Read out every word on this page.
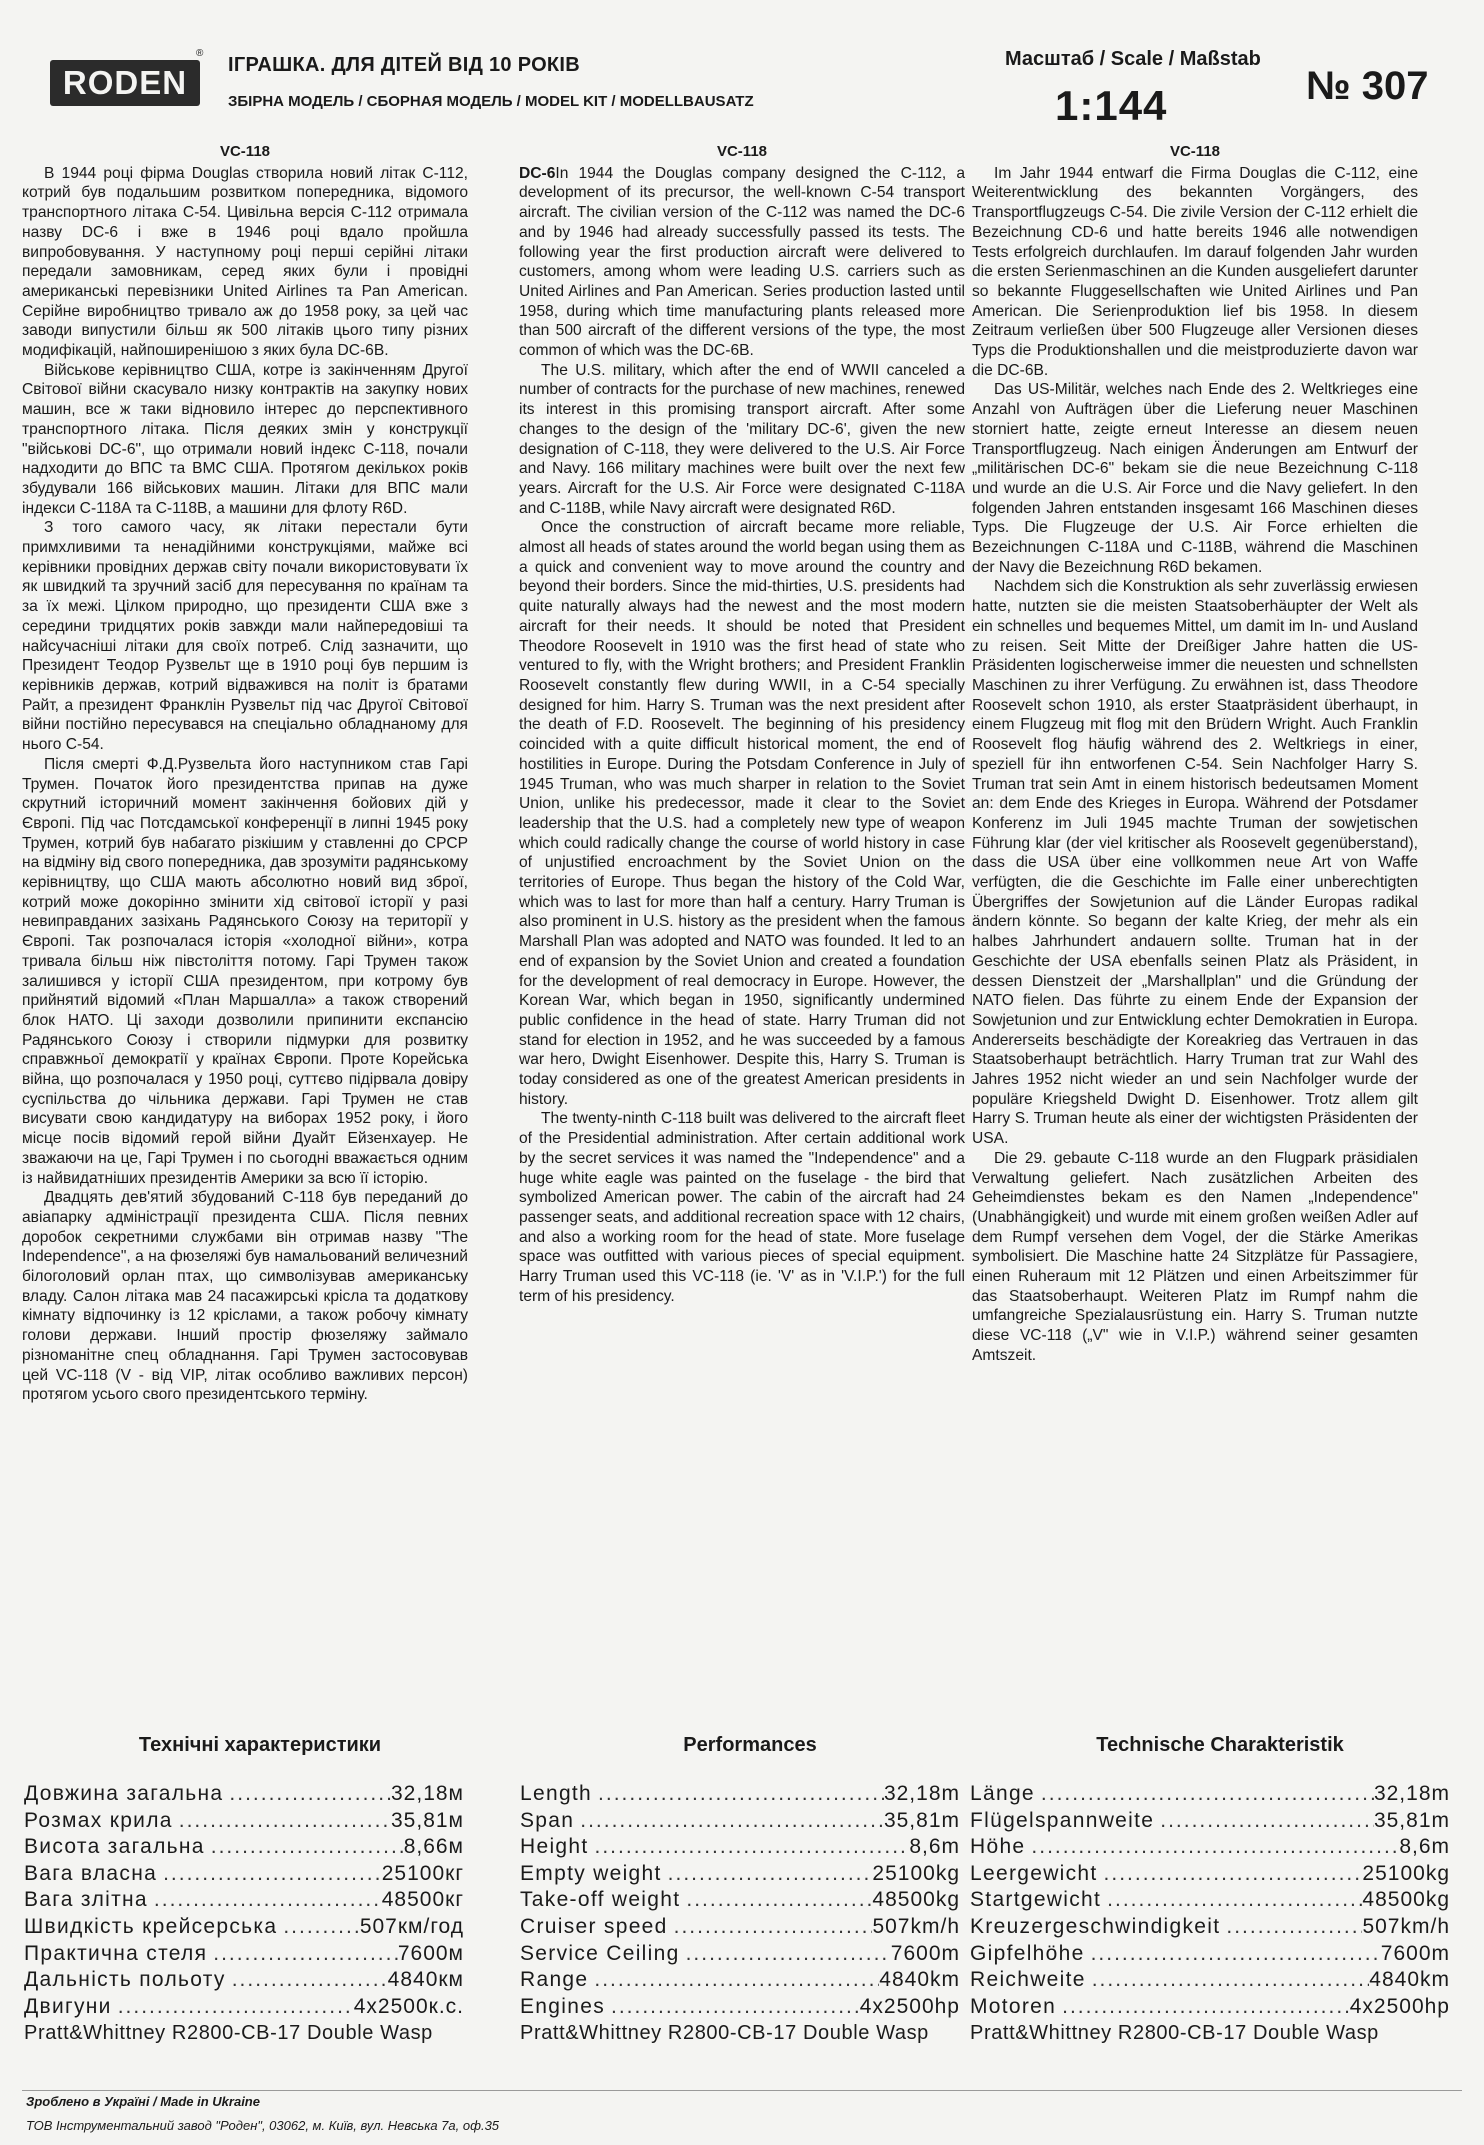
RODEN
®
ІГРАШКА. ДЛЯ ДІТЕЙ ВІД 10 РОКІВ
ЗБІРНА МОДЕЛЬ / СБОРНАЯ МОДЕЛЬ / MODEL KIT / MODELLBAUSATZ
Масштаб / Scale / Maßstab
1:144	№ 307
VC-118

В 1944 році фірма Douglas створила новий літак С-112, котрий був подальшим розвитком попередника, відомого транспортного літака С-54. Цивільна версія С-112 отримала назву DC-6 і вже в 1946 році вдало пройшла випробовування. У наступному році перші серійні літаки передали замовникам, серед яких були і провідні американські перевізники United Airlines та Pan American. Серійне виробництво тривало аж до 1958 року, за цей час заводи випустили більш як 500 літаків цього типу різних модифікацій, найпоширенішою з яких була DC-6B.

Військове керівництво США, котре із закінченням Другої Світової війни скасувало низку контрактів на закупку нових машин, все ж таки відновило інтерес до перспективного транспортного літака. Після деяких змін у конструкції "військові DC-6", що отримали новий індекс С-118, почали надходити до ВПС та ВМС США. Протягом декількох років збудували 166 військових машин. Літаки для ВПС мали індекси С-118А та С-118В, а машини для флоту R6D.

З того самого часу, як літаки перестали бути примхливими та ненадійними конструкціями, майже всі керівники провідних держав світу почали використовувати їх як швидкий та зручний засіб для пересування по країнам та за їх межі. Цілком природно, що президенти США вже з середини тридцятих років завжди мали найпередовіші та найсучасніші літаки для своїх потреб. Слід зазначити, що Президент Теодор Рузвельт ще в 1910 році був першим із керівників держав, котрий відважився на політ із братами Райт, а президент Франклін Рузвельт під час Другої Світової війни постійно пересувався на спеціально обладнаному для нього С-54.

Після смерті Ф.Д.Рузвельта його наступником став Гарі Трумен. Початок його президентства припав на дуже скрутний історичний момент закінчення бойових дій у Європі. Під час Потсдамської конференції в липні 1945 року Трумен, котрий був набагато різкішим у ставленні до СРСР на відміну від свого попередника, дав зрозуміти радянському керівництву, що США мають абсолютно новий вид зброї, котрий може докорінно змінити хід світової історії у разі невиправданих зазіхань Радянського Союзу на території у Європі. Так розпочалася історія «холодної війни», котра тривала більш ніж півстоліття потому. Гарі Трумен також залишився у історії США президентом, при котрому був прийнятий відомий «План Маршалла» а також створений блок НАТО. Ці заходи дозволили припинити експансію Радянського Союзу і створили підмурки для розвитку справжньої демократії у країнах Європи. Проте Корейська війна, що розпочалася у 1950 році, суттєво підірвала довіру суспільства до чільника держави. Гарі Трумен не став висувати свою кандидатуру на виборах 1952 року, і його місце посів відомий герой війни Дуайт Ейзенхауер. Не зважаючи на це, Гарі Трумен і по сьогодні вважається одним із найвидатніших президентів Америки за всю її історію.

Двадцять дев'ятий збудований С-118 був переданий до авіапарку адміністрації президента США. Після певних доробок секретними службами він отримав назву "The Independence", а на фюзеляжі був намальований величезний білоголовий орлан птах, що символізував американську владу. Салон літака мав 24 пасажирські крісла та додаткову кімнату відпочинку із 12 кріслами, а також робочу кімнату голови держави. Інший простір фюзеляжу займало різноманітне спец обладнання. Гарі Трумен застосовував цей VC-118 (V - від VIP, літак особливо важливих персон) протягом усього свого президентського терміну.

VC-118

DC-6In 1944 the Douglas company designed the C-112, a development of its precursor, the well-known C-54 transport aircraft. The civilian version of the C-112 was named the DC-6 and by 1946 had already successfully passed its tests. The following year the first production aircraft were delivered to customers, among whom were leading U.S. carriers such as United Airlines and Pan American. Series production lasted until 1958, during which time manufacturing plants released more than 500 aircraft of the different versions of the type, the most common of which was the DC-6B.

The U.S. military, which after the end of WWII canceled a number of contracts for the purchase of new machines, renewed its interest in this promising transport aircraft. After some changes to the design of the 'military DC-6', given the new designation of C-118, they were delivered to the U.S. Air Force and Navy. 166 military machines were built over the next few years. Aircraft for the U.S. Air Force were designated C-118A and C-118B, while Navy aircraft were designated R6D.

Once the construction of aircraft became more reliable, almost all heads of states around the world began using them as a quick and convenient way to move around the country and beyond their borders. Since the mid-thirties, U.S. presidents had quite naturally always had the newest and the most modern aircraft for their needs. It should be noted that President Theodore Roosevelt in 1910 was the first head of state who ventured to fly, with the Wright brothers; and President Franklin Roosevelt constantly flew during WWII, in a C-54 specially designed for him. Harry S. Truman was the next president after the death of F.D. Roosevelt. The beginning of his presidency coincided with a quite difficult historical moment, the end of hostilities in Europe. During the Potsdam Conference in July of 1945 Truman, who was much sharper in relation to the Soviet Union, unlike his predecessor, made it clear to the Soviet leadership that the U.S. had a completely new type of weapon which could radically change the course of world history in case of unjustified encroachment by the Soviet Union on the territories of Europe. Thus began the history of the Cold War, which was to last for more than half a century. Harry Truman is also prominent in U.S. history as the president when the famous Marshall Plan was adopted and NATO was founded. It led to an end of expansion by the Soviet Union and created a foundation for the development of real democracy in Europe. However, the Korean War, which began in 1950, significantly undermined public confidence in the head of state. Harry Truman did not stand for election in 1952, and he was succeeded by a famous war hero, Dwight Eisenhower. Despite this, Harry S. Truman is today considered as one of the greatest American presidents in history.

The twenty-ninth C-118 built was delivered to the aircraft fleet of the Presidential administration. After certain additional work by the secret services it was named the "Independence" and a huge white eagle was painted on the fuselage - the bird that symbolized American power. The cabin of the aircraft had 24 passenger seats, and additional recreation space with 12 chairs, and also a working room for the head of state. More fuselage space was outfitted with various pieces of special equipment. Harry Truman used this VC-118 (ie. 'V' as in 'V.I.P.') for the full term of his presidency.

VC-118

Im Jahr 1944 entwarf die Firma Douglas die C-112, eine Weiterentwicklung des bekannten Vorgängers, des Transportflugzeugs C-54. Die zivile Version der C-112 erhielt die Bezeichnung CD-6 und hatte bereits 1946 alle notwendigen Tests erfolgreich durchlaufen. Im darauf folgenden Jahr wurden die ersten Serienmaschinen an die Kunden ausgeliefert darunter so bekannte Fluggesellschaften wie United Airlines und Pan American. Die Serienproduktion lief bis 1958. In diesem Zeitraum verließen über 500 Flugzeuge aller Versionen dieses Typs die Produktionshallen und die meistproduzierte davon war die DC-6B.

Das US-Militär, welches nach Ende des 2. Weltkrieges eine Anzahl von Aufträgen über die Lieferung neuer Maschinen storniert hatte, zeigte erneut Interesse an diesem neuen Transportflugzeug. Nach einigen Änderungen am Entwurf der „militärischen DC-6" bekam sie die neue Bezeichnung C-118 und wurde an die U.S. Air Force und die Navy geliefert. In den folgenden Jahren entstanden insgesamt 166 Maschinen dieses Typs. Die Flugzeuge der U.S. Air Force erhielten die Bezeichnungen C-118A und C-118B, während die Maschinen der Navy die Bezeichnung R6D bekamen.

Nachdem sich die Konstruktion als sehr zuverlässig erwiesen hatte, nutzten sie die meisten Staatsoberhäupter der Welt als ein schnelles und bequemes Mittel, um damit im In- und Ausland zu reisen. Seit Mitte der Dreißiger Jahre hatten die US-Präsidenten logischerweise immer die neuesten und schnellsten Maschinen zu ihrer Verfügung. Zu erwähnen ist, dass Theodore Roosevelt schon 1910, als erster Staatpräsident überhaupt, in einem Flugzeug mit flog mit den Brüdern Wright. Auch Franklin Roosevelt flog häufig während des 2. Weltkriegs in einer, speziell für ihn entworfenen C-54. Sein Nachfolger Harry S. Truman trat sein Amt in einem historisch bedeutsamen Moment an: dem Ende des Krieges in Europa. Während der Potsdamer Konferenz im Juli 1945 machte Truman der sowjetischen Führung klar (der viel kritischer als Roosevelt gegenüberstand), dass die USA über eine vollkommen neue Art von Waffe verfügten, die die Geschichte im Falle einer unberechtigten Übergriffes der Sowjetunion auf die Länder Europas radikal ändern könnte. So begann der kalte Krieg, der mehr als ein halbes Jahrhundert andauern sollte. Truman hat in der Geschichte der USA ebenfalls seinen Platz als Präsident, in dessen Dienstzeit der „Marshallplan" und die Gründung der NATO fielen. Das führte zu einem Ende der Expansion der Sowjetunion und zur Entwicklung echter Demokratien in Europa. Andererseits beschädigte der Koreakrieg das Vertrauen in das Staatsoberhaupt beträchtlich. Harry Truman trat zur Wahl des Jahres 1952 nicht wieder an und sein Nachfolger wurde der populäre Kriegsheld Dwight D. Eisenhower. Trotz allem gilt Harry S. Truman heute als einer der wichtigsten Präsidenten der USA.

Die 29. gebaute C-118 wurde an den Flugpark präsidialen Verwaltung geliefert. Nach zusätzlichen Arbeiten des Geheimdienstes bekam es den Namen „Independence" (Unabhängigkeit) und wurde mit einem großen weißen Adler auf dem Rumpf versehen dem Vogel, der die Stärke Amerikas symbolisiert. Die Maschine hatte 24 Sitzplätze für Passagiere, einen Ruheraum mit 12 Plätzen und einen Arbeitszimmer für das Staatsoberhaupt. Weiteren Platz im Rumpf nahm die umfangreiche Spezialausrüstung ein. Harry S. Truman nutzte diese VC-118 („V" wie in V.I.P.) während seiner gesamten Amtszeit.

Технічні характеристики	Performances	Technische Charakteristik
Довжина загальна .....	32,18м
Розмах крила .....	35,81м
Висота загальна .....	8,66м
Вага власна .....	25100кг
Вага злітна .....	48500кг
Швидкість крейсерська .....	507км/год
Практична стеля .....	7600м
Дальність польоту .....	4840км
Двигуни .....	4x2500к.с.
Pratt&Whittney R2800-CB-17 Double Wasp
Length .....	32,18m
Span .....	35,81m
Height .....	8,6m
Empty weight .....	25100kg
Take-off weight .....	48500kg
Cruiser speed .....	507km/h
Service Ceiling .....	7600m
Range .....	4840km
Engines .....	4x2500hp
Pratt&Whittney R2800-CB-17 Double Wasp
Länge .....	32,18m
Flügelspannweite .....	35,81m
Höhe .....	8,6m
Leergewicht .....	25100kg
Startgewicht .....	48500kg
Kreuzergeschwindigkeit .....	507km/h
Gipfelhöhe .....	7600m
Reichweite .....	4840km
Motoren .....	4x2500hp
Pratt&Whittney R2800-CB-17 Double Wasp
Зроблено в Україні / Made in Ukraine
ТОВ Інструментальний завод "Роден", 03062, м. Київ, вул. Невська 7а, оф.35
